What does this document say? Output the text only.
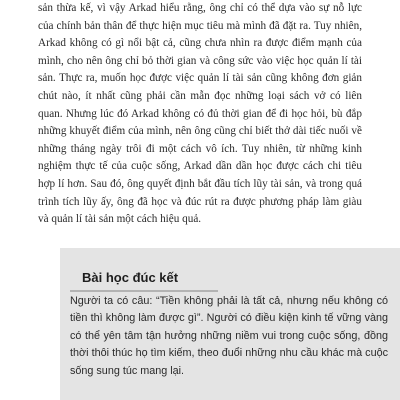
sản thừa kế, vì vậy Arkad hiểu rằng, ông chỉ có thể dựa vào sự nỗ lực của chính bản thân để thực hiện mục tiêu mà mình đã đặt ra. Tuy nhiên, Arkad không có gì nổi bật cả, cũng chưa nhìn ra được điểm mạnh của mình, cho nên ông chỉ bỏ thời gian và công sức vào việc học quản lí tài sản. Thực ra, muốn học được việc quản lí tài sản cũng không đơn giản chút nào, ít nhất cũng phải cần mẫn đọc những loại sách vở có liên quan. Nhưng lúc đó Arkad không có đủ thời gian để đi học hỏi, bù đắp những khuyết điểm của mình, nên ông cũng chỉ biết thở dài tiếc nuối về những tháng ngày trôi đi một cách vô ích. Tuy nhiên, từ những kinh nghiệm thực tế của cuộc sống, Arkad dần dần học được cách chi tiêu hợp lí hơn. Sau đó, ông quyết định bắt đầu tích lũy tài sản, và trong quá trình tích lũy ấy, ông đã học và đúc rút ra được phương pháp làm giàu và quản lí tài sản một cách hiệu quả.

Bài học đúc kết

Người ta có câu: “Tiền không phải là tất cả, nhưng nếu không có tiền thì không làm được gì”. Người có điều kiện kinh tế vững vàng có thể yên tâm tận hưởng những niềm vui trong cuộc sống, đồng thời thôi thúc họ tìm kiếm, theo đuổi những nhu cầu khác mà cuộc sống sung túc mang lại.
